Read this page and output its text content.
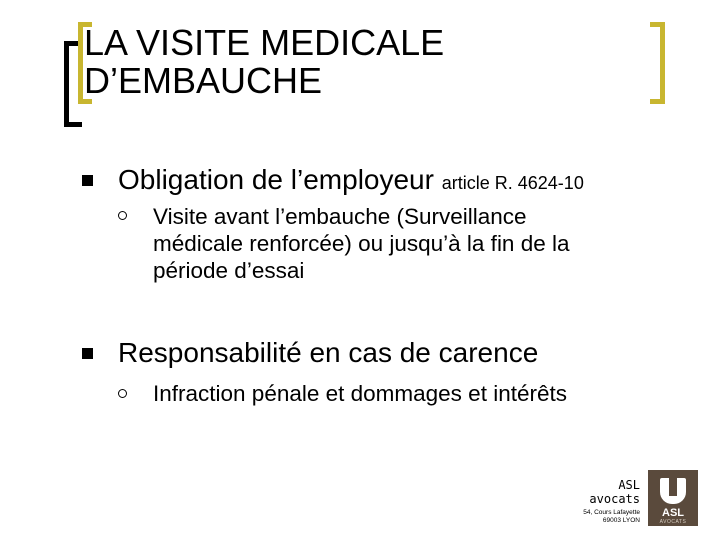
LA VISITE MEDICALE
D’EMBAUCHE
Obligation de l’employeur article R. 4624-10
Visite avant l’embauche (Surveillance
médicale renforcée) ou jusqu’à la fin de la
période d’essai
Responsabilité en cas de carence
Infraction pénale et dommages et intérêts
ASL
avocats
54, Cours Lafayette
69003 LYON
ASL
AVOCATS
